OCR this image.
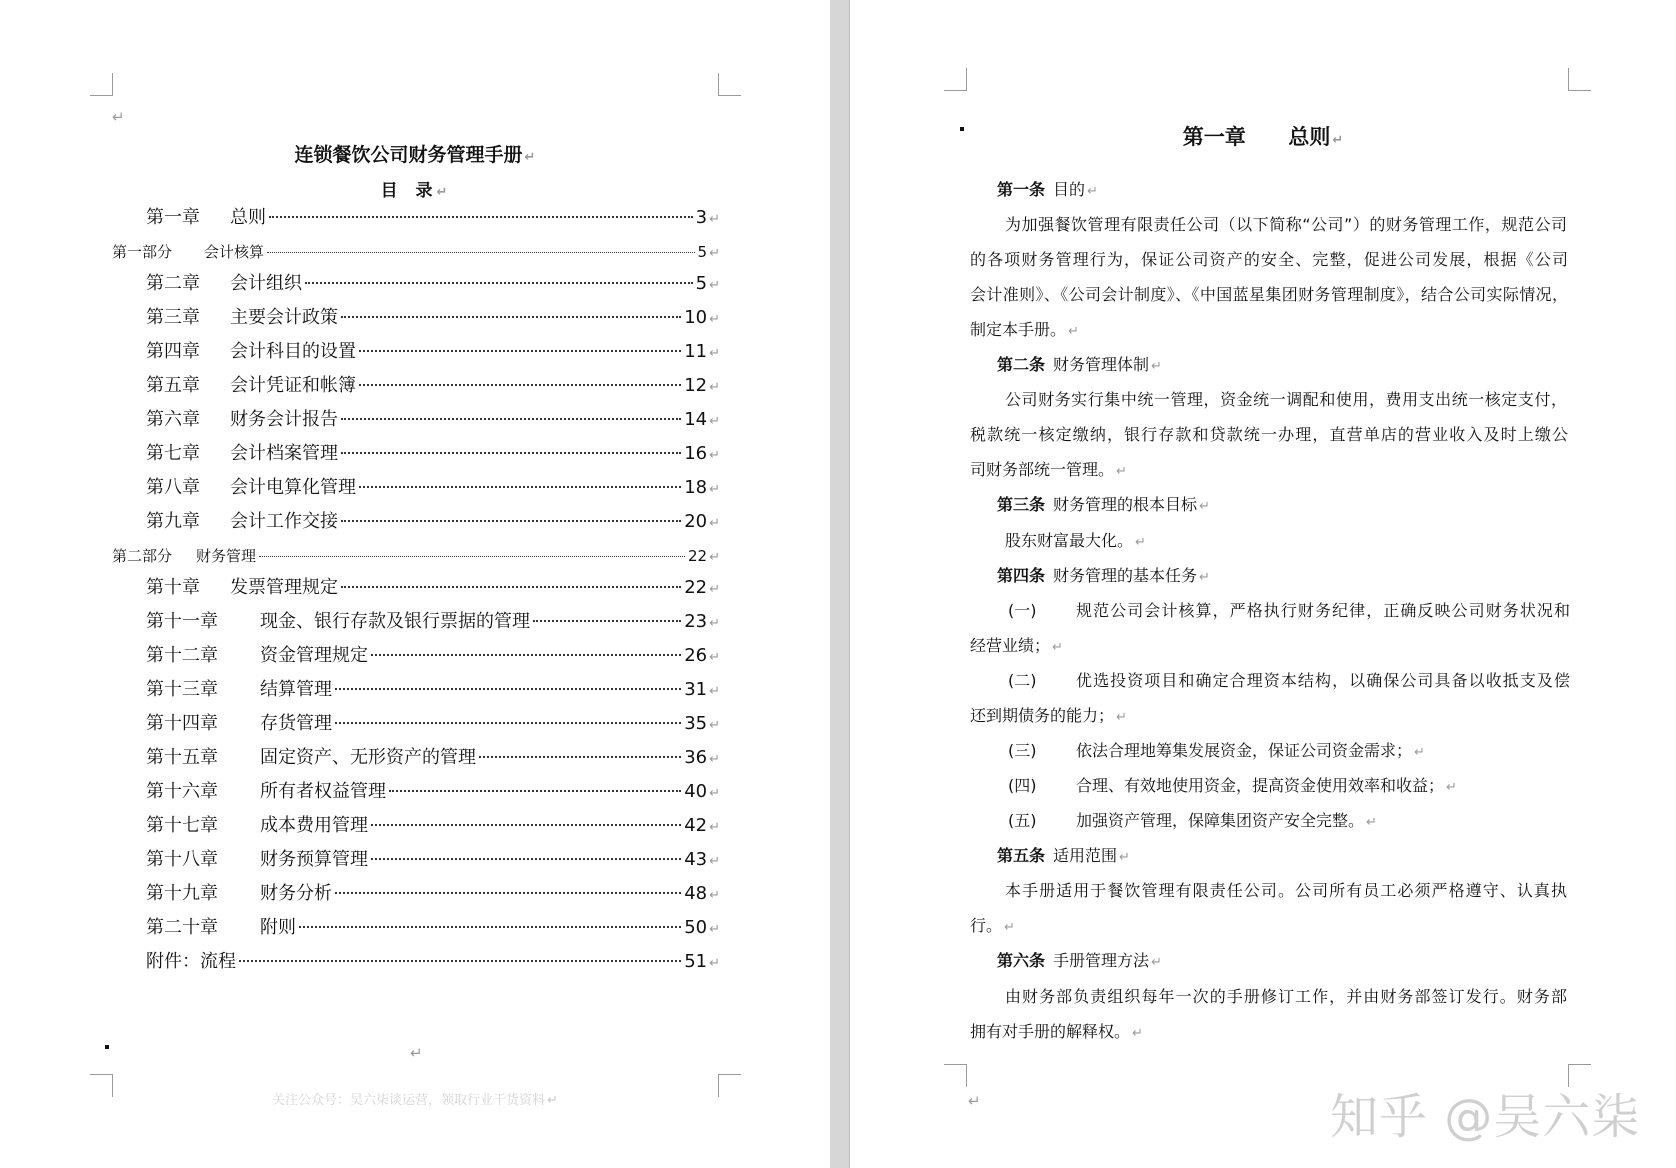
↵
↵
↵
连锁餐饮公司财务管理手册 ↵
目  录 ↵
第一章	总则	3 ↵
第一部分	会计核算	5 ↵
第二章	会计组织	5 ↵
第三章	主要会计政策	10 ↵
第四章	会计科目的设置	11 ↵
第五章	会计凭证和帐簿	12 ↵
第六章	财务会计报告	14 ↵
第七章	会计档案管理	16 ↵
第八章	会计电算化管理	18 ↵
第九章	会计工作交接	20 ↵
第二部分	财务管理	22 ↵
第十章	发票管理规定	22 ↵
第十一章	现金、银行存款及银行票据的管理	23 ↵
第十二章	资金管理规定	26 ↵
第十三章	结算管理	31 ↵
第十四章	存货管理	35 ↵
第十五章	固定资产、无形资产的管理	36 ↵
第十六章	所有者权益管理	40 ↵
第十七章	成本费用管理	42 ↵
第十八章	财务预算管理	43 ↵
第十九章	财务分析	48 ↵
第二十章	附则	50 ↵
附件： 流程	51 ↵
关注公众号：吴六柒谈运营，领取行业干货资料 ↵
第一章  总则 ↵
第一条 目的 ↵
为加强餐饮管理有限责任公司（以下简称“公司”）的财务管理工作，规范公司
的各项财务管理行为，保证公司资产的安全、完整，促进公司发展，根据《公司
会计准则》、《公司会计制度》、《中国蓝星集团财务管理制度》，结合公司实际情况，
制定本手册。 ↵
第二条 财务管理体制 ↵
公司财务实行集中统一管理，资金统一调配和使用，费用支出统一核定支付，
税款统一核定缴纳，银行存款和贷款统一办理，直营单店的营业收入及时上缴公
司财务部统一管理。 ↵
第三条 财务管理的根本目标 ↵
股东财富最大化。 ↵
第四条 财务管理的基本任务 ↵
(一) 规范公司会计核算，严格执行财务纪律，正确反映公司财务状况和
经营业绩； ↵
(二) 优选投资项目和确定合理资本结构，以确保公司具备以收抵支及偿
还到期债务的能力； ↵
(三) 依法合理地筹集发展资金，保证公司资金需求； ↵
(四) 合理、有效地使用资金，提高资金使用效率和收益； ↵
(五) 加强资产管理，保障集团资产安全完整。 ↵
第五条 适用范围 ↵
本手册适用于餐饮管理有限责任公司。公司所有员工必须严格遵守、认真执
行。 ↵
第六条 手册管理方法 ↵
由财务部负责组织每年一次的手册修订工作，并由财务部签订发行。财务部
拥有对手册的解释权。 ↵
知乎 @吴六柒
